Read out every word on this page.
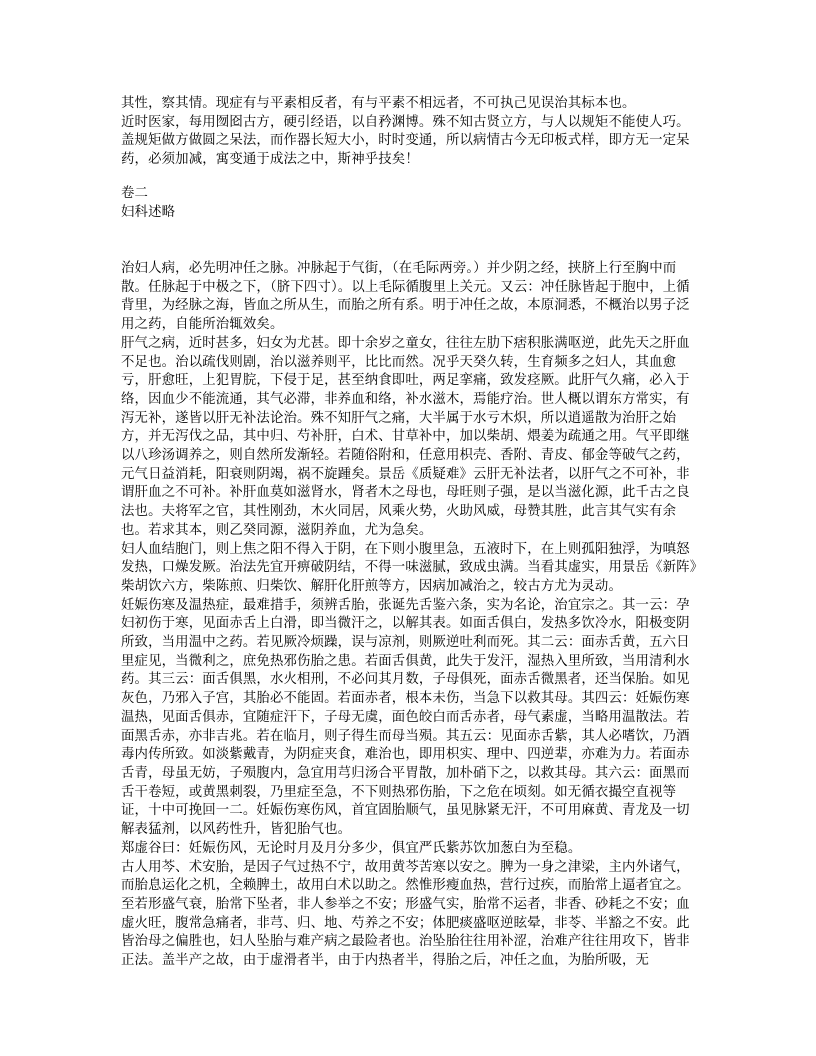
其性，察其情。现症有与平素相反者，有与平素不相远者，不可执己见误治其标本也。

近时医家，每用囫囵古方，硬引经语，以自矜渊博。殊不知古贤立方，与人以规矩不能使人巧。盖规矩做方做圆之呆法，而作器长短大小，时时变通，所以病情古今无印板式样，即方无一定呆药，必须加减，寓变通于成法之中，斯神乎技矣！

卷二

妇科述略

治妇人病，必先明冲任之脉。冲脉起于气街，（在毛际两旁。）并少阴之经，挟脐上行至胸中而散。任脉起于中极之下，（脐下四寸）。以上毛际循腹里上关元。又云：冲任脉皆起于胞中，上循背里，为经脉之海，皆血之所从生，而胎之所有系。明于冲任之故，本原洞悉，不概治以男子泛用之药，自能所治辄效矣。

肝气之病，近时甚多，妇女为尤甚。即十余岁之童女，往往左肋下痞积胀满呕逆，此先天之肝血不足也。治以疏伐则剧，治以滋养则平，比比而然。况乎天癸久转，生育频多之妇人，其血愈亏，肝愈旺，上犯胃脘，下侵于足，甚至纳食即吐，两足挛痛，致发痉厥。此肝气久痛，必入于络，因血少不能流通，其气必滞，非养血和络，补水滋木，焉能疗治。世人概以谓东方常实，有泻无补，遂皆以肝无补法论治。殊不知肝气之痛，大半属于水亏木炽，所以逍遥散为治肝之始方，并无泻伐之品，其中归、芍补肝，白术、甘草补中，加以柴胡、煨姜为疏通之用。气平即继以八珍汤调养之，则自然所发渐轻。若随俗附和，任意用枳壳、香附、青皮、郁金等破气之药，元气日益消耗，阳衰则阴竭，祸不旋踵矣。景岳《质疑难》云肝无补法者，以肝气之不可补，非谓肝血之不可补。补肝血莫如滋肾水，肾者木之母也，母旺则子强，是以当滋化源，此千古之良法也。夫将军之官，其性刚劲，木火同居，风乘火势，火助风威，母赞其胜，此言其气实有余也。若求其本，则乙癸同源，滋阴养血，尤为急矣。

妇人血结胞门，则上焦之阳不得入于阴，在下则小腹里急，五液时下，在上则孤阳独浮，为嗔怒发热，口燥发厥。治法先宜开痹破阴结，不得一味滋腻，致成虫满。当看其虚实，用景岳《新阵》柴胡饮六方，柴陈煎、归柴饮、解肝化肝煎等方，因病加减治之，较古方尤为灵动。

妊娠伤寒及温热症，最难措手，须辨舌胎，张诞先舌鉴六条，实为名论，治宜宗之。其一云：孕妇初伤于寒，见面赤舌上白滑，即当微汗之，以解其表。如面舌俱白，发热多饮冷水，阳极变阴所致，当用温中之药。若见厥冷烦躁，误与凉剂，则厥逆吐利而死。其二云：面赤舌黄，五六日里症见，当微利之，庶免热邪伤胎之患。若面舌俱黄，此失于发汗，湿热入里所致，当用清利水药。其三云：面舌俱黑，水火相刑，不必问其月数，子母俱死，面赤舌微黑者，还当保胎。如见灰色，乃邪入子宫，其胎必不能固。若面赤者，根本未伤，当急下以救其母。其四云：妊娠伤寒温热，见面舌俱赤，宜随症汗下，子母无虞，面色皎白而舌赤者，母气素虚，当略用温散法。若面黑舌赤，亦非吉兆。若在临月，则子得生而母当殒。其五云：见面赤舌紫，其人必嗜饮，乃酒毒内传所致。如淡紫戴青，为阴症夹食，难治也，即用枳实、理中、四逆辈，亦难为力。若面赤舌青，母虽无妨，子殒腹内，急宜用芎归汤合平胃散，加朴硝下之，以救其母。其六云：面黑而舌干卷短，或黄黑刺裂，乃里症至急，不下则热邪伤胎，下之危在顷刻。如无循衣撮空直视等证，十中可挽回一二。妊娠伤寒伤风，首宜固胎顺气，虽见脉紧无汗，不可用麻黄、青龙及一切解表猛剂，以风药性升，皆犯胎气也。

郑虚谷曰：妊娠伤风，无论时月及月分多少，俱宜严氏紫苏饮加葱白为至稳。

古人用芩、术安胎，是因子气过热不宁，故用黄芩苦寒以安之。脾为一身之津梁，主内外诸气，而胎息运化之机，全赖脾土，故用白术以助之。然惟形瘦血热，营行过疾，而胎常上逼者宜之。至若形盛气衰，胎常下坠者，非人参举之不安；形盛气实，胎常不运者，非香、砂耗之不安；血虚火旺，腹常急痛者，非芎、归、地、芍养之不安；体肥痰盛呕逆眩晕，非苓、半豁之不安。此皆治母之偏胜也，妇人坠胎与难产病之最险者也。治坠胎往往用补涩，治难产往往用攻下，皆非正法。盖半产之故，由于虚滑者半，由于内热者半，得胎之后，冲任之血，为胎所吸，无
